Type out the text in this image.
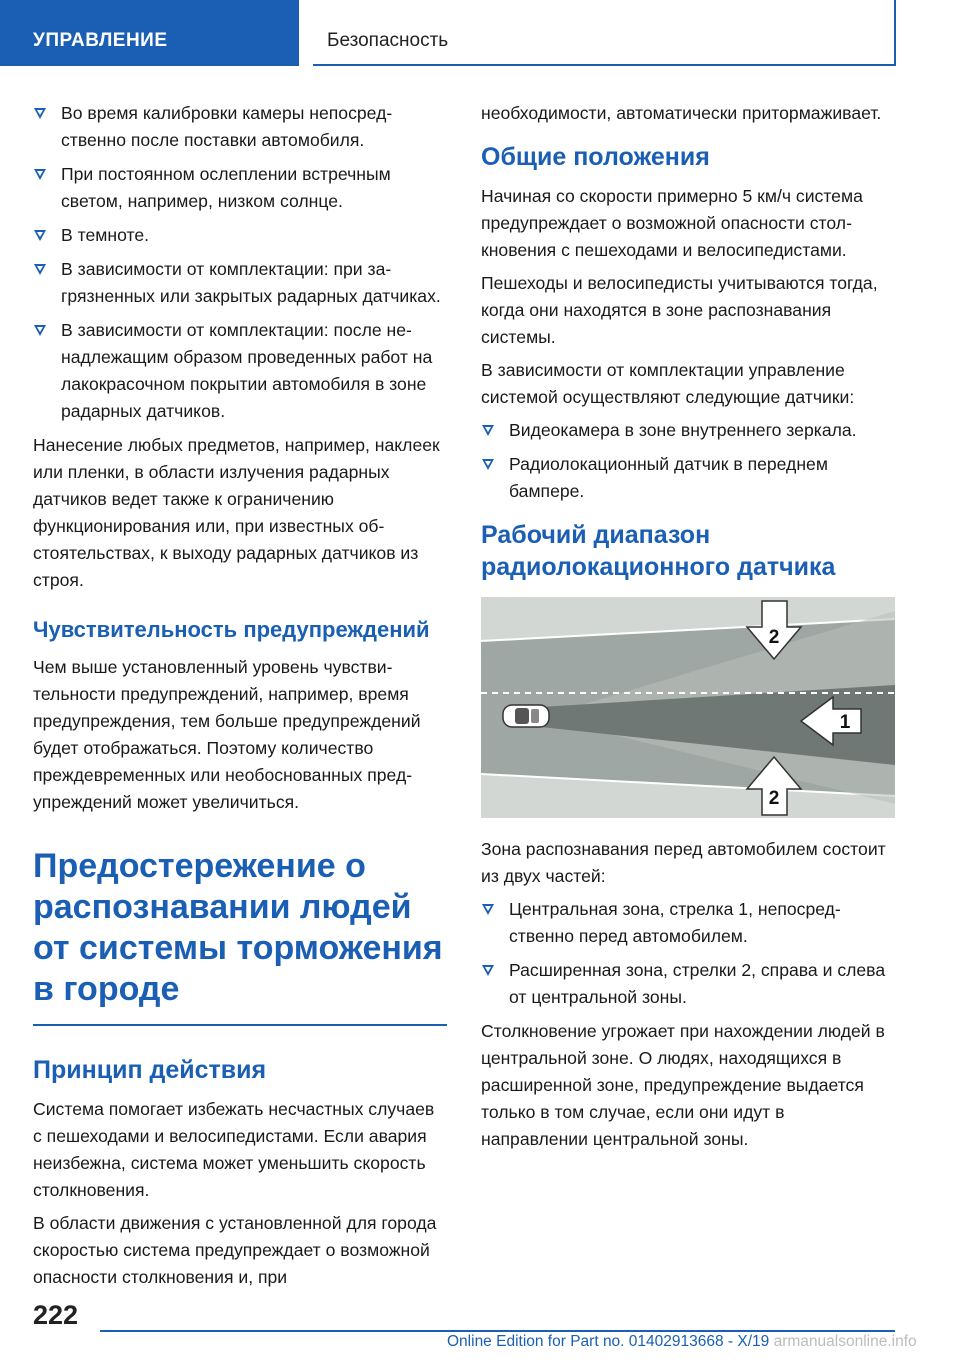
УПРАВЛЕНИЕ	Безопасность
Во время калибровки камеры непосредственно после поставки автомобиля.
При постоянном ослеплении встречным светом, например, низком солнце.
В темноте.
В зависимости от комплектации: при загрязненных или закрытых радарных датчиках.
В зависимости от комплектации: после ненадлежащим образом проведенных работ на лакокрасочном покрытии автомобиля в зоне радарных датчиков.

Нанесение любых предметов, например, наклеек или пленки, в области излучения радарных датчиков ведет также к ограничению функционирования или, при известных обстоятельствах, к выходу радарных датчиков из строя.

Чувствительность предупреждений

Чем выше установленный уровень чувствительности предупреждений, например, время предупреждения, тем больше предупреждений будет отображаться. Поэтому количество преждевременных или необоснованных предупреждений может увеличиться.

Предостережение о распознавании людей от системы торможения в городе
Принцип действия

Система помогает избежать несчастных случаев с пешеходами и велосипедистами. Если авария неизбежна, система может уменьшить скорость столкновения.

В области движения с установленной для города скоростью система предупреждает о возможной опасности столкновения и, при

необходимости, автоматически притормаживает.

Общие положения

Начиная со скорости примерно 5 км/ч система предупреждает о возможной опасности столкновения с пешеходами и велосипедистами.

Пешеходы и велосипедисты учитываются тогда, когда они находятся в зоне распознавания системы.

В зависимости от комплектации управление системой осуществляют следующие датчики:

Видеокамера в зоне внутреннего зеркала.
Радиолокационный датчик в переднем бампере.
Рабочий диапазон радиолокационного датчика
2
1
2

Зона распознавания перед автомобилем состоит из двух частей:

Центральная зона, стрелка 1, непосредственно перед автомобилем.
Расширенная зона, стрелки 2, справа и слева от центральной зоны.

Столкновение угрожает при нахождении людей в центральной зоне. О людях, находящихся в расширенной зоне, предупреждение выдается только в том случае, если они идут в направлении центральной зоны.

222
Online Edition for Part no. 01402913668 - X/19 armanualsonline.info
